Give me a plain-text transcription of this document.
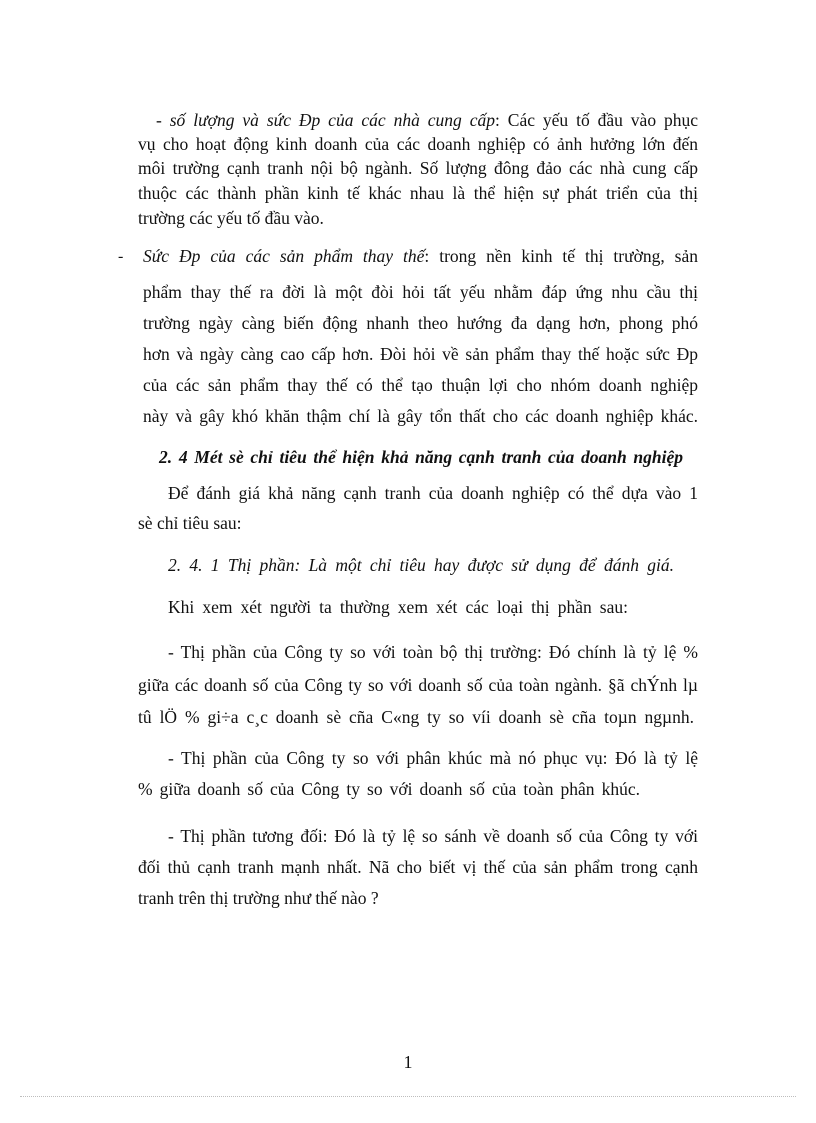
- số lượng và sức Ðp của các nhà cung cấp: Các yếu tố đầu vào phục

vụ cho hoạt động kinh doanh của các doanh nghiệp có ảnh hưởng lớn đến

môi trường cạnh tranh nội bộ ngành. Số lượng đông đảo các nhà cung cấp

thuộc các thành phần kinh tế khác nhau là thể hiện sự phát triển của thị

trường các yếu tố đầu vào.

- Sức Ðp của các sản phẩm thay thế: trong nền kinh tế thị trường, sản

phẩm thay thế ra đời là một đòi hỏi tất yếu nhằm đáp ứng nhu cầu thị

trường ngày càng biến động nhanh theo hướng đa dạng hơn, phong phó

hơn và ngày càng cao cấp hơn. Đòi hỏi về sản phẩm thay thế hoặc sức Ðp

của các sản phẩm thay thế có thể tạo thuận lợi cho nhóm doanh nghiệp

này và gây khó khăn thậm chí là gây tổn thất cho các doanh nghiệp khác.

2. 4 Mét sè chỉ tiêu thể hiện khả năng cạnh tranh của doanh nghiệp

Để đánh giá khả năng cạnh tranh của doanh nghiệp có thể dựa vào 1

sè chỉ tiêu sau:

2. 4. 1 Thị phần: Là một chỉ tiêu hay được sử dụng để đánh giá.

Khi xem xét người ta thường xem xét các loại thị phần sau:

- Thị phần của Công ty so với toàn bộ thị trường: Đó chính là tỷ lệ %

giữa các doanh số của Công ty so với doanh số của toàn ngành. §ã chÝnh lµ

tû lÖ % gi÷a c¸c doanh sè cña C«ng ty so víi doanh sè cña toµn ngµnh.

- Thị phần của Công ty so với phân khúc mà nó phục vụ: Đó là tỷ lệ

% giữa doanh số của Công ty so với doanh số của toàn phân khúc.

- Thị phần tương đối: Đó là tỷ lệ so sánh về doanh số của Công ty với

đối thủ cạnh tranh mạnh nhất. Nã cho biết vị thế của sản phẩm trong cạnh

tranh trên thị trường như thế nào ?

1
